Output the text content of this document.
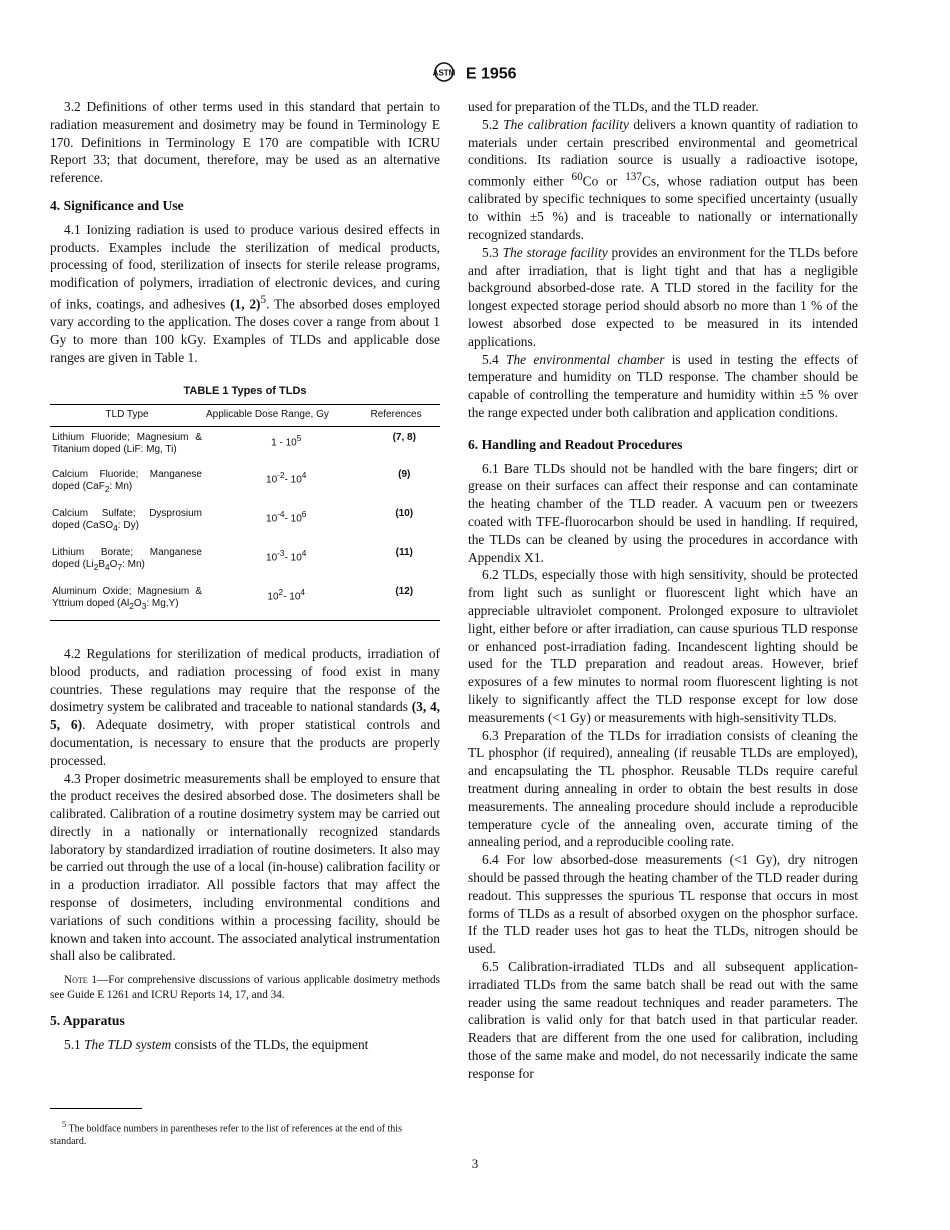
ASTM E 1956

3.2 Definitions of other terms used in this standard that pertain to radiation measurement and dosimetry may be found in Terminology E 170. Definitions in Terminology E 170 are compatible with ICRU Report 33; that document, therefore, may be used as an alternative reference.

4. Significance and Use

4.1 Ionizing radiation is used to produce various desired effects in products. Examples include the sterilization of medical products, processing of food, sterilization of insects for sterile release programs, modification of polymers, irradiation of electronic devices, and curing of inks, coatings, and adhesives (1, 2)$^5$. The absorbed doses employed vary according to the application. The doses cover a range from about 1 Gy to more than 100 kGy. Examples of TLDs and applicable dose ranges are given in Table 1.

TABLE 1 Types of TLDs
TLD Type	Applicable Dose Range, Gy	References
Lithium Fluoride; Magnesium & Titanium doped (LiF: Mg, Ti)	$1 - 10^5$	(7, 8)
Calcium Fluoride; Manganese doped (CaF$_2$: Mn)	$10^{-2}-$ $10^4$	(9)
Calcium Sulfate; Dysprosium doped (CaSO$_4$: Dy)	$10^{-4}-$ $10^6$	(10)
Lithium Borate; Manganese doped ($Li_2B_4O_7$: Mn)	$10^{-3}-$ $10^4$	(11)
Aluminum Oxide; Magnesium & Yttrium doped ($Al_2O_3$: Mg,Y)	$10^2-$ $10^4$	(12)

4.2 Regulations for sterilization of medical products, irradiation of blood products, and radiation processing of food exist in many countries. These regulations may require that the response of the dosimetry system be calibrated and traceable to national standards (3, 4, 5, 6). Adequate dosimetry, with proper statistical controls and documentation, is necessary to ensure that the products are properly processed.

4.3 Proper dosimetric measurements shall be employed to ensure that the product receives the desired absorbed dose. The dosimeters shall be calibrated. Calibration of a routine dosimetry system may be carried out directly in a nationally or internationally recognized standards laboratory by standardized irradiation of routine dosimeters. It also may be carried out through the use of a local (in-house) calibration facility or in a production irradiator. All possible factors that may affect the response of dosimeters, including environmental conditions and variations of such conditions within a processing facility, should be known and taken into account. The associated analytical instrumentation shall also be calibrated.

Note 1—For comprehensive discussions of various applicable dosimetry methods see Guide E 1261 and ICRU Reports 14, 17, and 34.

5. Apparatus

5.1 The TLD system consists of the TLDs, the equipment

$^5$ The boldface numbers in parentheses refer to the list of references at the end of this standard.

used for preparation of the TLDs, and the TLD reader.

5.2 The calibration facility delivers a known quantity of radiation to materials under certain prescribed environmental and geometrical conditions. Its radiation source is usually a radioactive isotope, commonly either $^{60}$Co or $^{137}$Cs, whose radiation output has been calibrated by specific techniques to some specified uncertainty (usually to within ±5 %) and is traceable to nationally or internationally recognized standards.

5.3 The storage facility provides an environment for the TLDs before and after irradiation, that is light tight and that has a negligible background absorbed-dose rate. A TLD stored in the facility for the longest expected storage period should absorb no more than 1 % of the lowest absorbed dose expected to be measured in its intended applications.

5.4 The environmental chamber is used in testing the effects of temperature and humidity on TLD response. The chamber should be capable of controlling the temperature and humidity within ±5 % over the range expected under both calibration and application conditions.

6. Handling and Readout Procedures

6.1 Bare TLDs should not be handled with the bare fingers; dirt or grease on their surfaces can affect their response and can contaminate the heating chamber of the TLD reader. A vacuum pen or tweezers coated with TFE-fluorocarbon should be used in handling. If required, the TLDs can be cleaned by using the procedures in accordance with Appendix X1.

6.2 TLDs, especially those with high sensitivity, should be protected from light such as sunlight or fluorescent light which have an appreciable ultraviolet component. Prolonged exposure to ultraviolet light, either before or after irradiation, can cause spurious TLD response or enhanced post-irradiation fading. Incandescent lighting should be used for the TLD preparation and readout areas. However, brief exposures of a few minutes to normal room fluorescent lighting is not likely to significantly affect the TLD response except for low dose measurements (<1 Gy) or measurements with high-sensitivity TLDs.

6.3 Preparation of the TLDs for irradiation consists of cleaning the TL phosphor (if required), annealing (if reusable TLDs are employed), and encapsulating the TL phosphor. Reusable TLDs require careful treatment during annealing in order to obtain the best results in dose measurements. The annealing procedure should include a reproducible temperature cycle of the annealing oven, accurate timing of the annealing period, and a reproducible cooling rate.

6.4 For low absorbed-dose measurements (<1 Gy), dry nitrogen should be passed through the heating chamber of the TLD reader during readout. This suppresses the spurious TL response that occurs in most forms of TLDs as a result of absorbed oxygen on the phosphor surface. If the TLD reader uses hot gas to heat the TLDs, nitrogen should be used.

6.5 Calibration-irradiated TLDs and all subsequent application-irradiated TLDs from the same batch shall be read out with the same reader using the same readout techniques and reader parameters. The calibration is valid only for that batch used in that particular reader. Readers that are different from the one used for calibration, including those of the same make and model, do not necessarily indicate the same response for

3
